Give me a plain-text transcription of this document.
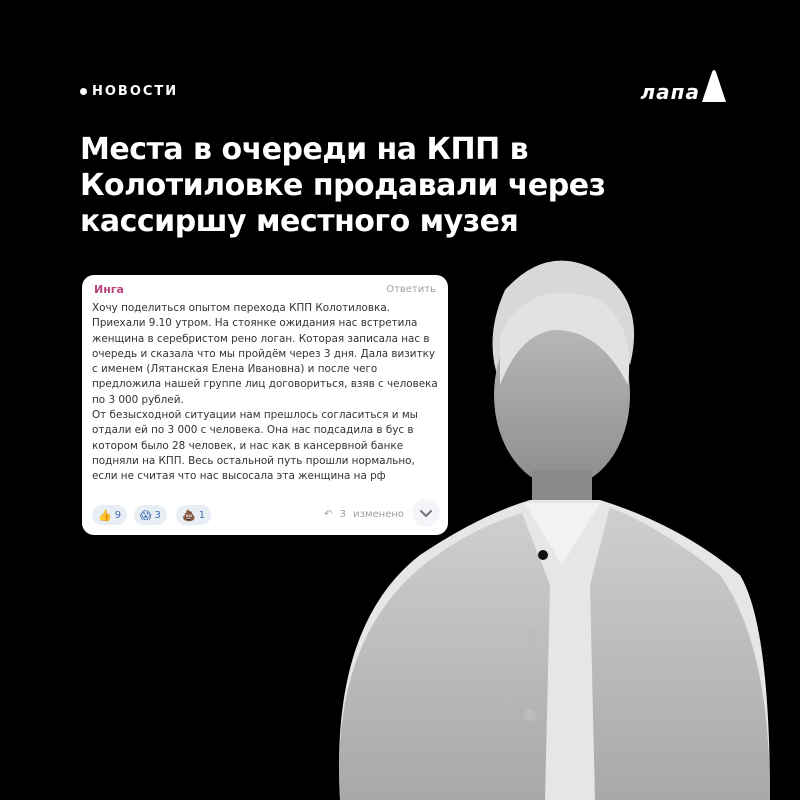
НОВОСТИ	лапа
Места в очереди на КПП в Колотиловке продавали через кассиршу местного музея
Инга	Ответить

Хочу поделиться опытом перехода КПП Колотиловка. Приехали 9.10 утром. На стоянке ожидания нас встретила женщина в серебристом рено логан. Которая записала нас в очередь и сказала что мы пройдём через 3 дня. Дала визитку с именем (Лятанская Елена Ивановна) и после чего предложила нашей группе лиц договориться, взяв с человека по 3 000 рублей.

От безысходной ситуации нам прешлось согласиться и мы отдали ей по 3 000 с человека. Она нас подсадила в бус в котором было 28 человек, и нас как в кансервной банке подняли на КПП. Весь остальной путь прошли нормально, если не считая что нас высосала эта женщина на рф

👍 9 😱 3 💩 1	↶ 3 изменено
